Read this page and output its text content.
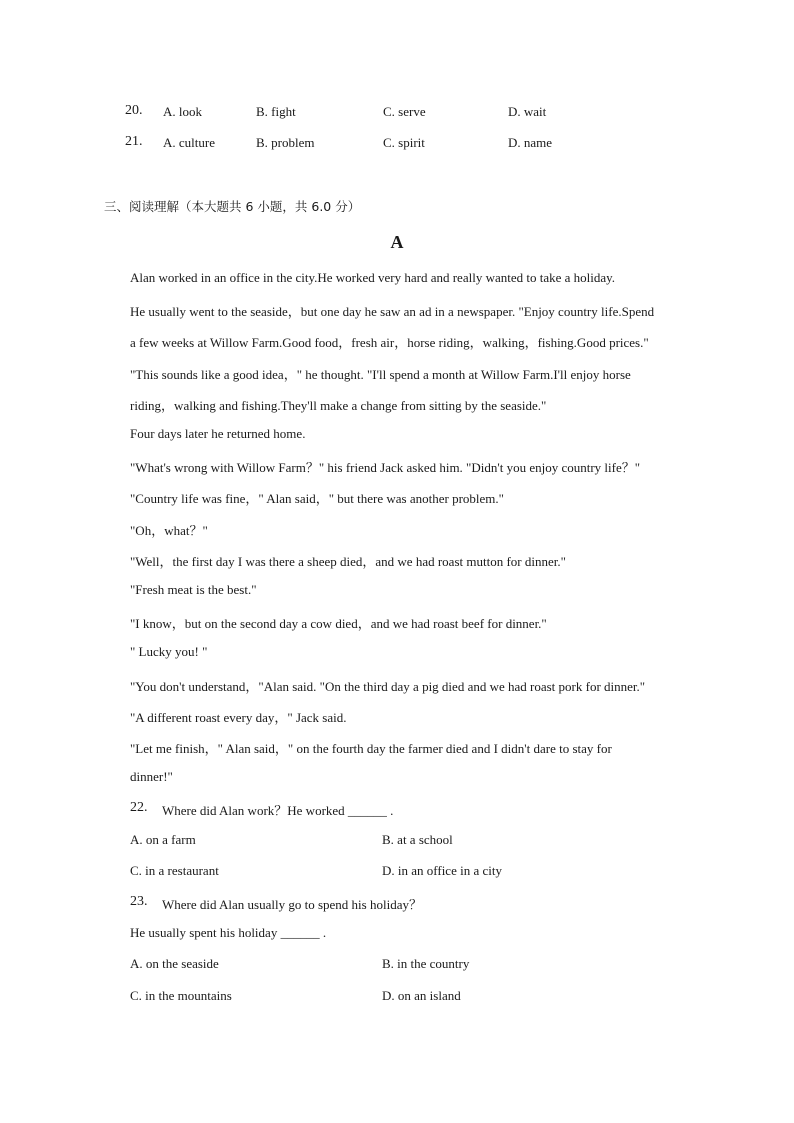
20. A. look	B. fight	C. serve	D. wait
21. A. culture	B. problem	C. spirit	D. name
三、阅读理解（本大题共 6 小题，共 6.0 分）
A
Alan worked in an office in the city.He worked very hard and really wanted to take a holiday.
He usually went to the seaside，but one day he saw an ad in a newspaper. "Enjoy country life.Spend
a few weeks at Willow Farm.Good food，fresh air，horse riding，walking，fishing.Good prices."
"This sounds like a good idea，" he thought. "I'll spend a month at Willow Farm.I'll enjoy horse
riding，walking and fishing.They'll make a change from sitting by the seaside."
Four days later he returned home.
"What's wrong with Willow Farm？" his friend Jack asked him. "Didn't you enjoy country life？"
"Country life was fine，" Alan said，" but there was another problem."
"Oh，what？"
"Well，the first day I was there a sheep died，and we had roast mutton for dinner."
"Fresh meat is the best."
"I know，but on the second day a cow died，and we had roast beef for dinner."
" Lucky you! "
"You don't understand，"Alan said. "On the third day a pig died and we had roast pork for dinner."
"A different roast every day，" Jack said.
"Let me finish，" Alan said，" on the fourth day the farmer died and I didn't dare to stay for
dinner!"
22. Where did Alan work？He worked ______ .
A. on a farm	B. at a school
C. in a restaurant	D. in an office in a city
23. Where did Alan usually go to spend his holiday？
He usually spent his holiday ______ .
A. on the seaside	B. in the country
C. in the mountains	D. on an island
